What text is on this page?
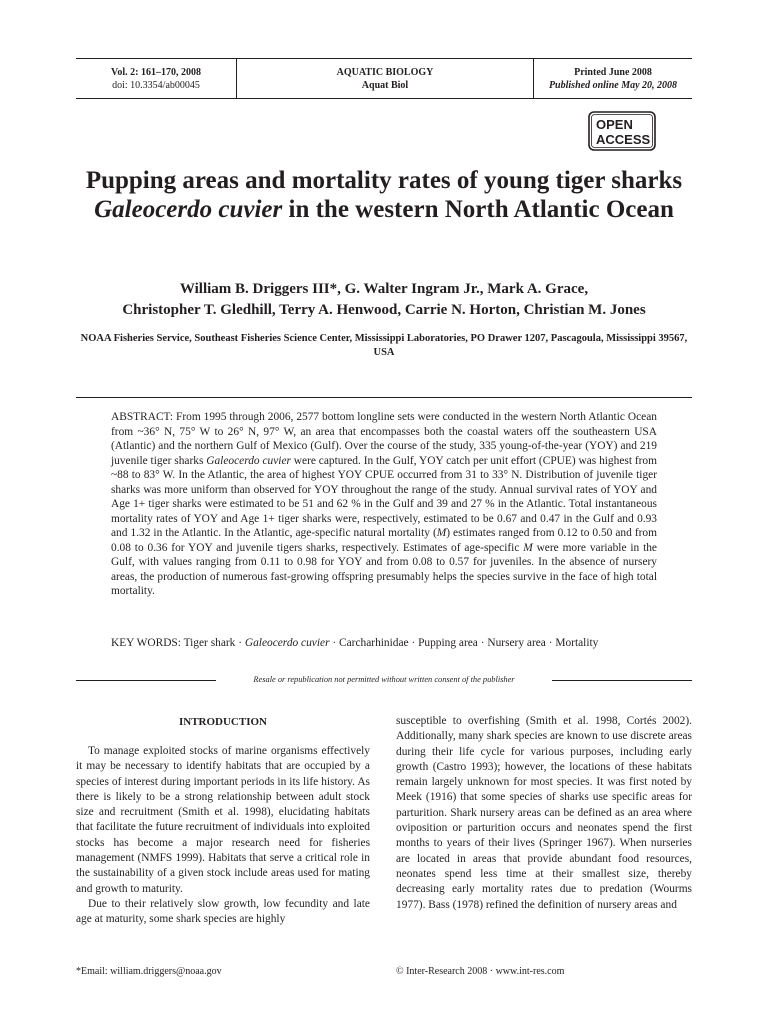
Vol. 2: 161–170, 2008
doi: 10.3354/ab00045
AQUATIC BIOLOGY
Aquat Biol
Printed June 2008
Published online May 20, 2008
OPEN
ACCESS
Pupping areas and mortality rates of young tiger sharks Galeocerdo cuvier in the western North Atlantic Ocean
William B. Driggers III*, G. Walter Ingram Jr., Mark A. Grace,
Christopher T. Gledhill, Terry A. Henwood, Carrie N. Horton, Christian M. Jones
NOAA Fisheries Service, Southeast Fisheries Science Center, Mississippi Laboratories, PO Drawer 1207, Pascagoula, Mississippi 39567, USA
ABSTRACT: From 1995 through 2006, 2577 bottom longline sets were conducted in the western North Atlantic Ocean from ~36° N, 75° W to 26° N, 97° W, an area that encompasses both the coastal waters off the southeastern USA (Atlantic) and the northern Gulf of Mexico (Gulf). Over the course of the study, 335 young-of-the-year (YOY) and 219 juvenile tiger sharks Galeocerdo cuvier were captured. In the Gulf, YOY catch per unit effort (CPUE) was highest from ~88 to 83° W. In the Atlantic, the area of highest YOY CPUE occurred from 31 to 33° N. Distribution of juvenile tiger sharks was more uniform than observed for YOY throughout the range of the study. Annual survival rates of YOY and Age 1+ tiger sharks were estimated to be 51 and 62 % in the Gulf and 39 and 27 % in the Atlantic. Total instantaneous mortality rates of YOY and Age 1+ tiger sharks were, respectively, estimated to be 0.67 and 0.47 in the Gulf and 0.93 and 1.32 in the Atlantic. In the Atlantic, age-specific natural mortality (M) estimates ranged from 0.12 to 0.50 and from 0.08 to 0.36 for YOY and juvenile tigers sharks, respectively. Estimates of age-specific M were more variable in the Gulf, with values ranging from 0.11 to 0.98 for YOY and from 0.08 to 0.57 for juveniles. In the absence of nursery areas, the production of numerous fast-growing offspring presumably helps the species survive in the face of high total mortality.
KEY WORDS: Tiger shark · Galeocerdo cuvier · Carcharhinidae · Pupping area · Nursery area · Mortality
Resale or republication not permitted without written consent of the publisher
INTRODUCTION

To manage exploited stocks of marine organisms effectively it may be necessary to identify habitats that are occupied by a species of interest during important periods in its life history. As there is likely to be a strong relationship between adult stock size and recruitment (Smith et al. 1998), elucidating habitats that facilitate the future recruitment of individuals into exploited stocks has become a major research need for fisheries management (NMFS 1999). Habitats that serve a critical role in the sustainability of a given stock include areas used for mating and growth to maturity.

Due to their relatively slow growth, low fecundity and late age at maturity, some shark species are highly

susceptible to overfishing (Smith et al. 1998, Cortés 2002). Additionally, many shark species are known to use discrete areas during their life cycle for various purposes, including early growth (Castro 1993); however, the locations of these habitats remain largely unknown for most species. It was first noted by Meek (1916) that some species of sharks use specific areas for parturition. Shark nursery areas can be defined as an area where oviposition or parturition occurs and neonates spend the first months to years of their lives (Springer 1967). When nurseries are located in areas that provide abundant food resources, neonates spend less time at their smallest size, thereby decreasing early mortality rates due to predation (Wourms 1977). Bass (1978) refined the definition of nursery areas and

*Email: william.driggers@noaa.gov	© Inter-Research 2008 · www.int-res.com
